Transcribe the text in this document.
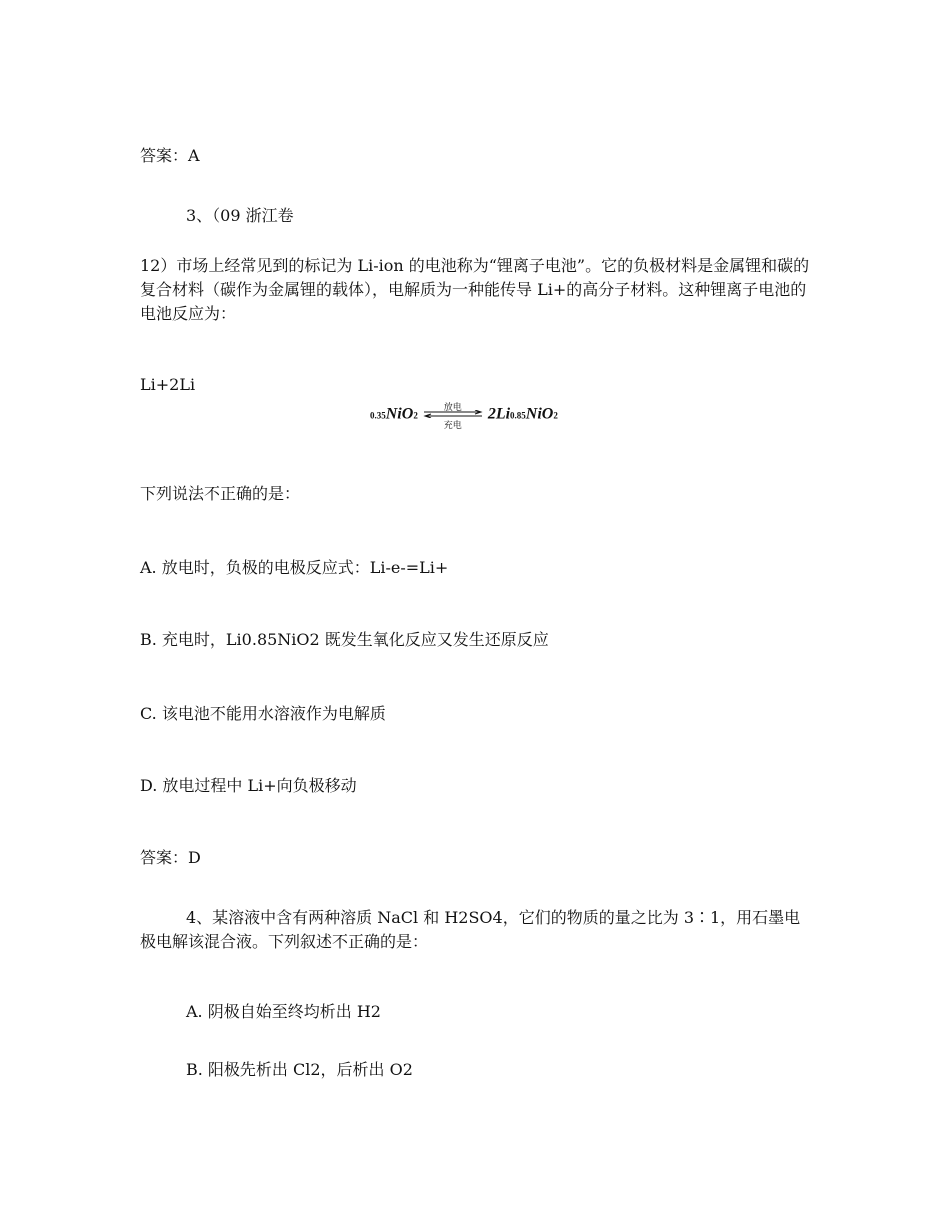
答案：A
3、（09 浙江卷
12）市场上经常见到的标记为 Li-ion 的电池称为“锂离子电池”。它的负极材料是金属锂和碳的复合材料（碳作为金属锂的载体），电解质为一种能传导 Li+的高分子材料。这种锂离子电池的电池反应为：
Li+2Li
0.35NiO2
放电
充电
2Li0.85NiO2
下列说法不正确的是：
A. 放电时，负极的电极反应式：Li-e-=Li+
B. 充电时，Li0.85NiO2 既发生氧化反应又发生还原反应
C. 该电池不能用水溶液作为电解质
D. 放电过程中 Li+向负极移动
答案：D
4、某溶液中含有两种溶质 NaCl 和 H2SO4，它们的物质的量之比为 3∶1，用石墨电极电解该混合液。下列叙述不正确的是：
A. 阴极自始至终均析出 H2
B. 阳极先析出 Cl2，后析出 O2
